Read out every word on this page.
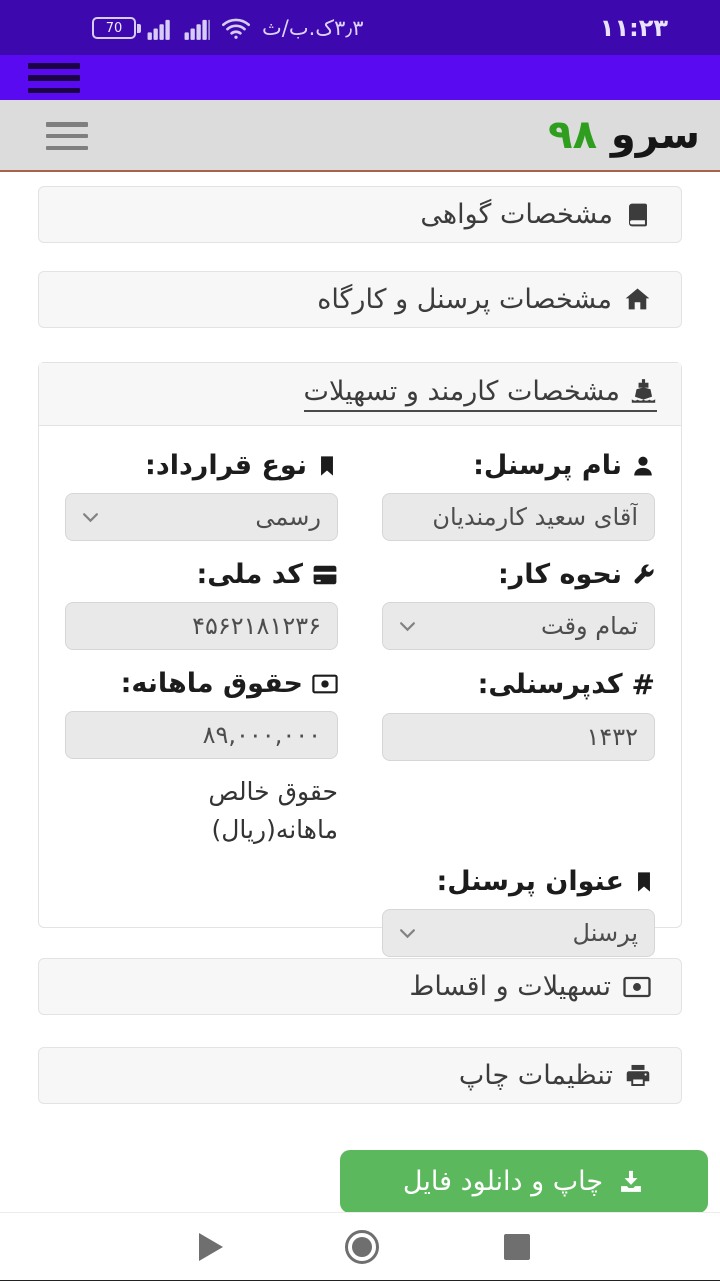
70	۳٫۳ک.ب/ث	۱۱:۲۳
سرو ۹۸
مشخصات گواهی
مشخصات پرسنل و کارگاه
مشخصات کارمند و تسهیلات
نام پرسنل:
آقای سعید کارمندیان
نوع قرارداد:
رسمی
نحوه کار:
تمام وقت
کد ملی:
۴۵۶۲۱۸۱۲۳۶
#
کدپرسنلی:
۱۴۳۲
حقوق ماهانه:
۸۹,۰۰۰,۰۰۰
حقوق خالص
ماهانه(ریال)
عنوان پرسنل:
پرسنل
تسهیلات و اقساط
تنظیمات چاپ
چاپ و دانلود فایل
